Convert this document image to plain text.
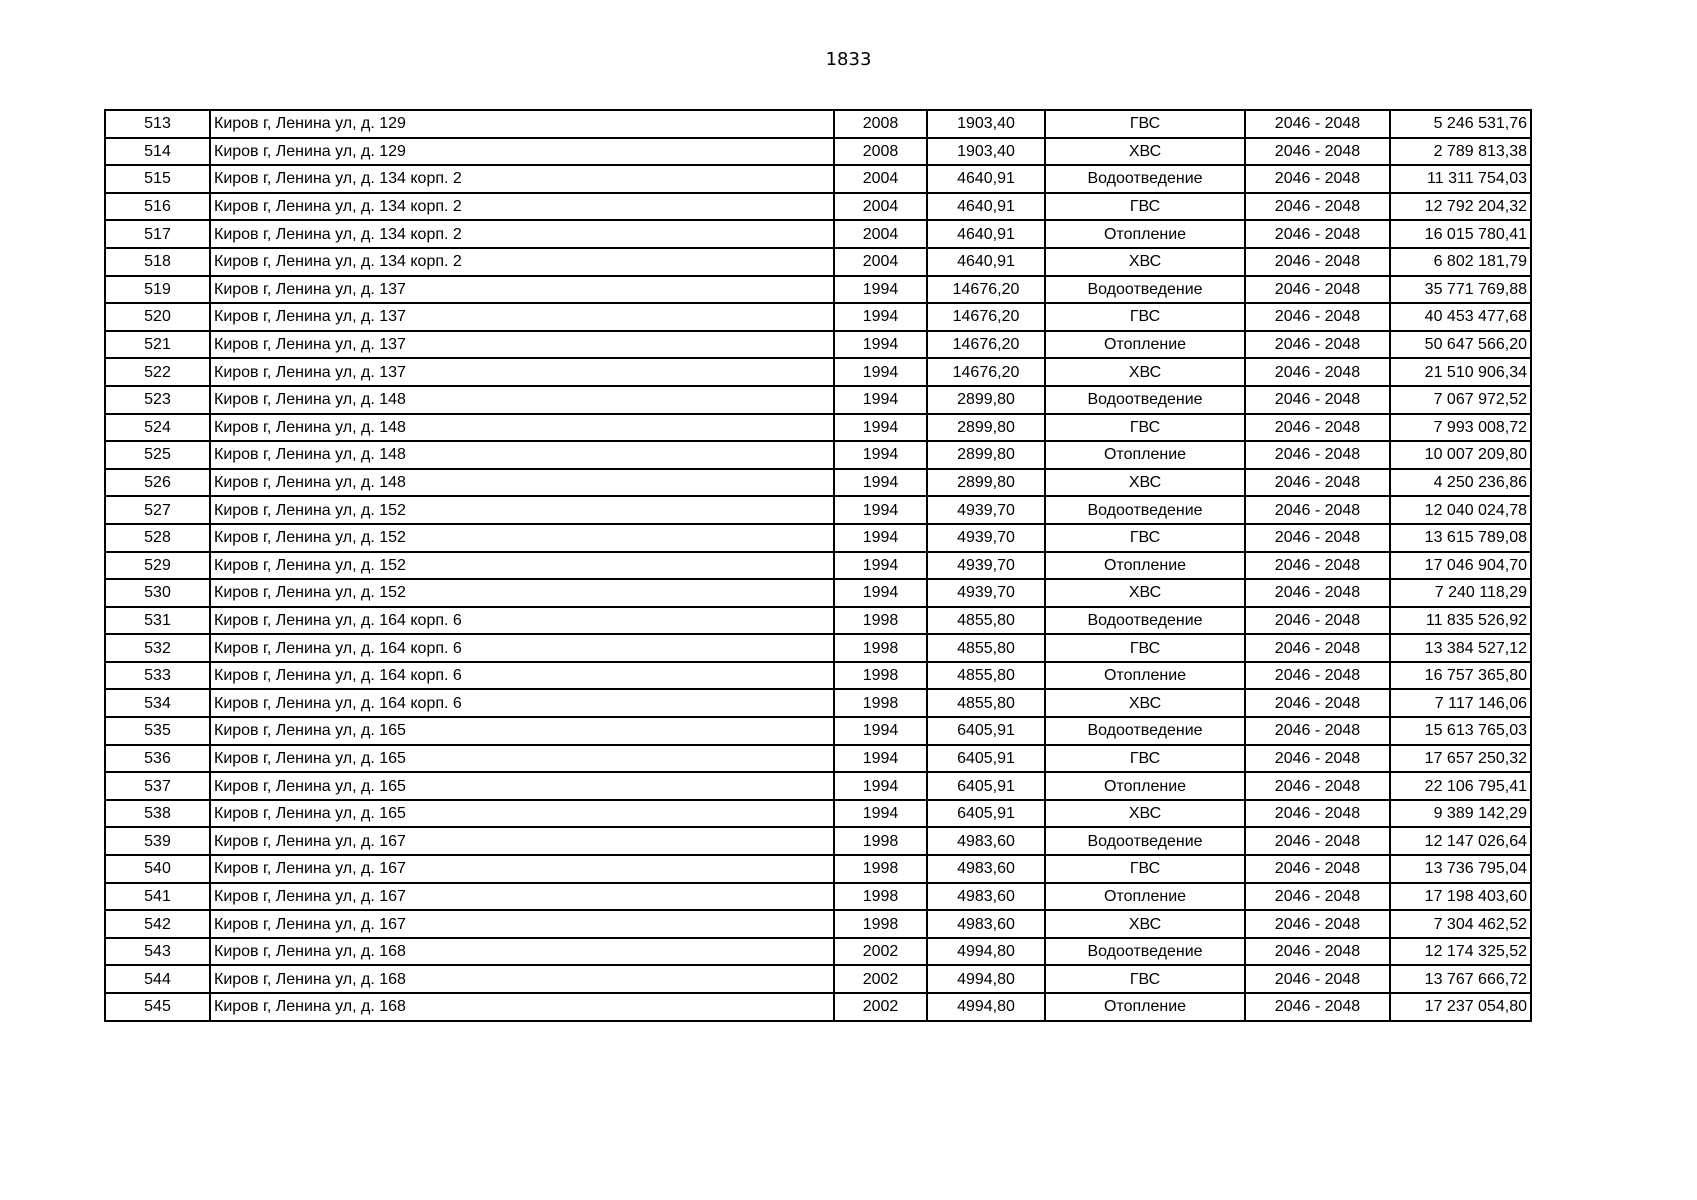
1833
513	Киров г, Ленина ул, д. 129	2008	1903,40	ГВС	2046 - 2048	5 246 531,76
514	Киров г, Ленина ул, д. 129	2008	1903,40	ХВС	2046 - 2048	2 789 813,38
515	Киров г, Ленина ул, д. 134 корп. 2	2004	4640,91	Водоотведение	2046 - 2048	11 311 754,03
516	Киров г, Ленина ул, д. 134 корп. 2	2004	4640,91	ГВС	2046 - 2048	12 792 204,32
517	Киров г, Ленина ул, д. 134 корп. 2	2004	4640,91	Отопление	2046 - 2048	16 015 780,41
518	Киров г, Ленина ул, д. 134 корп. 2	2004	4640,91	ХВС	2046 - 2048	6 802 181,79
519	Киров г, Ленина ул, д. 137	1994	14676,20	Водоотведение	2046 - 2048	35 771 769,88
520	Киров г, Ленина ул, д. 137	1994	14676,20	ГВС	2046 - 2048	40 453 477,68
521	Киров г, Ленина ул, д. 137	1994	14676,20	Отопление	2046 - 2048	50 647 566,20
522	Киров г, Ленина ул, д. 137	1994	14676,20	ХВС	2046 - 2048	21 510 906,34
523	Киров г, Ленина ул, д. 148	1994	2899,80	Водоотведение	2046 - 2048	7 067 972,52
524	Киров г, Ленина ул, д. 148	1994	2899,80	ГВС	2046 - 2048	7 993 008,72
525	Киров г, Ленина ул, д. 148	1994	2899,80	Отопление	2046 - 2048	10 007 209,80
526	Киров г, Ленина ул, д. 148	1994	2899,80	ХВС	2046 - 2048	4 250 236,86
527	Киров г, Ленина ул, д. 152	1994	4939,70	Водоотведение	2046 - 2048	12 040 024,78
528	Киров г, Ленина ул, д. 152	1994	4939,70	ГВС	2046 - 2048	13 615 789,08
529	Киров г, Ленина ул, д. 152	1994	4939,70	Отопление	2046 - 2048	17 046 904,70
530	Киров г, Ленина ул, д. 152	1994	4939,70	ХВС	2046 - 2048	7 240 118,29
531	Киров г, Ленина ул, д. 164 корп. 6	1998	4855,80	Водоотведение	2046 - 2048	11 835 526,92
532	Киров г, Ленина ул, д. 164 корп. 6	1998	4855,80	ГВС	2046 - 2048	13 384 527,12
533	Киров г, Ленина ул, д. 164 корп. 6	1998	4855,80	Отопление	2046 - 2048	16 757 365,80
534	Киров г, Ленина ул, д. 164 корп. 6	1998	4855,80	ХВС	2046 - 2048	7 117 146,06
535	Киров г, Ленина ул, д. 165	1994	6405,91	Водоотведение	2046 - 2048	15 613 765,03
536	Киров г, Ленина ул, д. 165	1994	6405,91	ГВС	2046 - 2048	17 657 250,32
537	Киров г, Ленина ул, д. 165	1994	6405,91	Отопление	2046 - 2048	22 106 795,41
538	Киров г, Ленина ул, д. 165	1994	6405,91	ХВС	2046 - 2048	9 389 142,29
539	Киров г, Ленина ул, д. 167	1998	4983,60	Водоотведение	2046 - 2048	12 147 026,64
540	Киров г, Ленина ул, д. 167	1998	4983,60	ГВС	2046 - 2048	13 736 795,04
541	Киров г, Ленина ул, д. 167	1998	4983,60	Отопление	2046 - 2048	17 198 403,60
542	Киров г, Ленина ул, д. 167	1998	4983,60	ХВС	2046 - 2048	7 304 462,52
543	Киров г, Ленина ул, д. 168	2002	4994,80	Водоотведение	2046 - 2048	12 174 325,52
544	Киров г, Ленина ул, д. 168	2002	4994,80	ГВС	2046 - 2048	13 767 666,72
545	Киров г, Ленина ул, д. 168	2002	4994,80	Отопление	2046 - 2048	17 237 054,80
